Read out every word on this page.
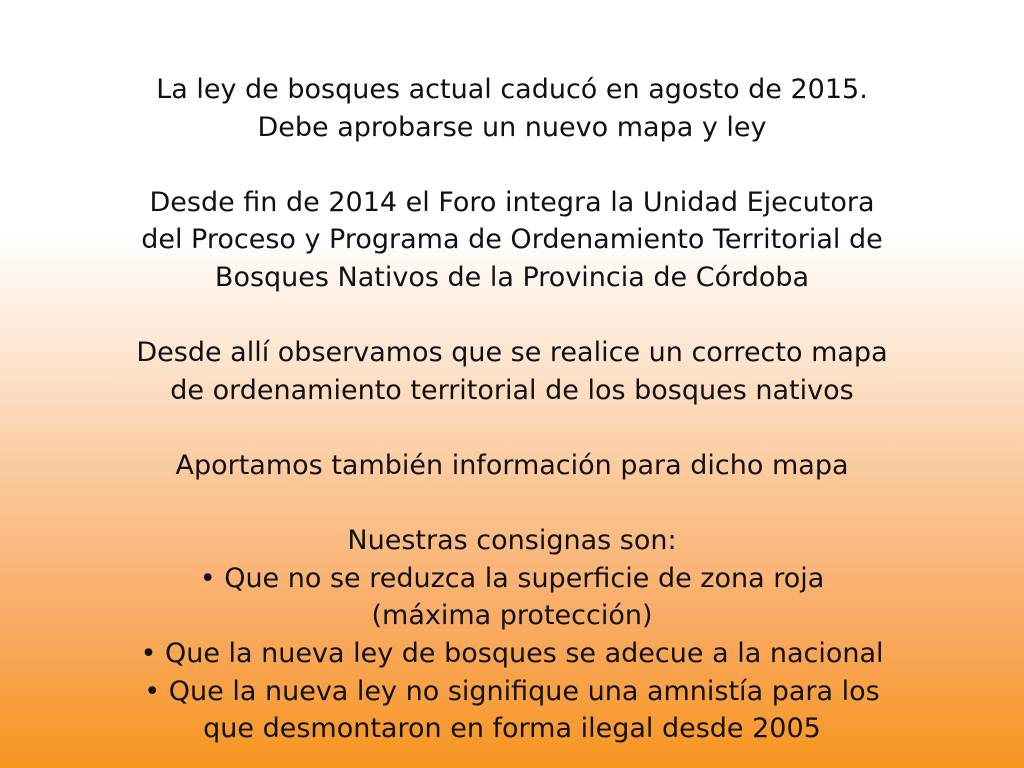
La ley de bosques actual caducó en agosto de 2015.
Debe aprobarse un nuevo mapa y ley
Desde fin de 2014 el Foro integra la Unidad Ejecutora
del Proceso y Programa de Ordenamiento Territorial de
Bosques Nativos de la Provincia de Córdoba
Desde allí observamos que se realice un correcto mapa
de ordenamiento territorial de los bosques nativos
Aportamos también información para dicho mapa
Nuestras consignas son:
• Que no se reduzca la superficie de zona roja
(máxima protección)
• Que la nueva ley de bosques se adecue a la nacional
• Que la nueva ley no signifique una amnistía para los
que desmontaron en forma ilegal desde 2005
